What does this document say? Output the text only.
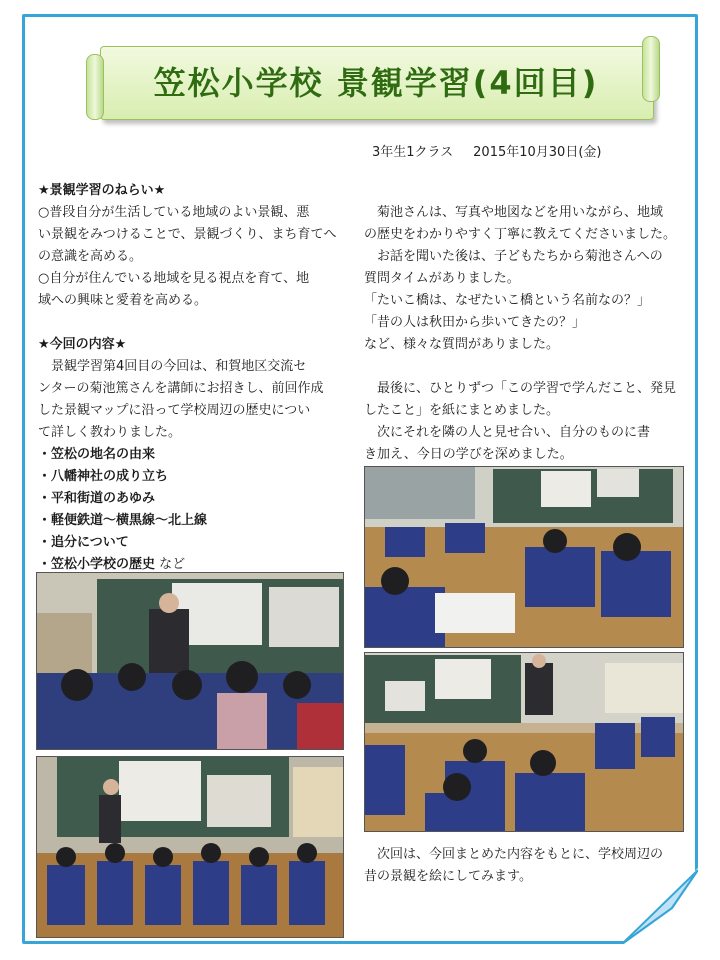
笠松小学校 景観学習(4回目)
3年生1クラス 2015年10月30日(金)

★景観学習のねらい★

○普段自分が生活している地域のよい景観、悪

い景観をみつけることで、景観づくり、まち育てへ

の意識を高める。

○自分が住んでいる地域を見る視点を育て、地

域への興味と愛着を高める。

★今回の内容★

　景観学習第4回目の今回は、和賀地区交流セ

ンターの菊池篤さんを講師にお招きし、前回作成

した景観マップに沿って学校周辺の歴史につい

て詳しく教わりました。

・笠松の地名の由来

・八幡神社の成り立ち

・平和街道のあゆみ

・軽便鉄道～横黒線～北上線

・追分について

・笠松小学校の歴史 など

　菊池さんは、写真や地図などを用いながら、地域

の歴史をわかりやすく丁寧に教えてくださいました。

　お話を聞いた後は、子どもたちから菊池さんへの

質問タイムがありました。

「たいこ橋は、なぜたいこ橋という名前なの？」

「昔の人は秋田から歩いてきたの？」

など、様々な質問がありました。

　最後に、ひとりずつ「この学習で学んだこと、発見

したこと」を紙にまとめました。

　次にそれを隣の人と見せ合い、自分のものに書

き加え、今日の学びを深めました。

　次回は、今回まとめた内容をもとに、学校周辺の

昔の景観を絵にしてみます。
